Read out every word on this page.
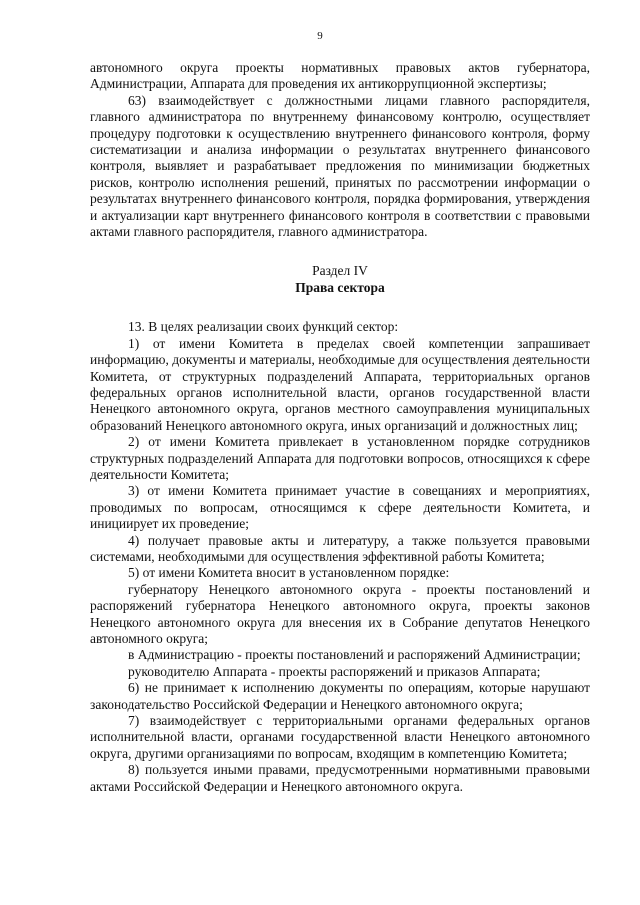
9

автономного округа проекты нормативных правовых актов губернатора, Администрации, Аппарата для проведения их антикоррупционной экспертизы;

63) взаимодействует с должностными лицами главного распорядителя, главного администратора по внутреннему финансовому контролю, осуществляет процедуру подготовки к осуществлению внутреннего финансового контроля, форму систематизации и анализа информации о результатах внутреннего финансового контроля, выявляет и разрабатывает предложения по минимизации бюджетных рисков, контролю исполнения решений, принятых по рассмотрении информации о результатах внутреннего финансового контроля, порядка формирования, утверждения и актуализации карт внутреннего финансового контроля в соответствии с правовыми актами главного распорядителя, главного администратора.

Раздел IV

Права сектора

13. В целях реализации своих функций сектор:

1) от имени Комитета в пределах своей компетенции запрашивает информацию, документы и материалы, необходимые для осуществления деятельности Комитета, от структурных подразделений Аппарата, территориальных органов федеральных органов исполнительной власти, органов государственной власти Ненецкого автономного округа, органов местного самоуправления муниципальных образований Ненецкого автономного округа, иных организаций и должностных лиц;

2) от имени Комитета привлекает в установленном порядке сотрудников структурных подразделений Аппарата для подготовки вопросов, относящихся к сфере деятельности Комитета;

3) от имени Комитета принимает участие в совещаниях и мероприятиях, проводимых по вопросам, относящимся к сфере деятельности Комитета, и инициирует их проведение;

4) получает правовые акты и литературу, а также пользуется правовыми системами, необходимыми для осуществления эффективной работы Комитета;

5) от имени Комитета вносит в установленном порядке:

губернатору Ненецкого автономного округа - проекты постановлений и распоряжений губернатора Ненецкого автономного округа, проекты законов Ненецкого автономного округа для внесения их в Собрание депутатов Ненецкого автономного округа;

в Администрацию - проекты постановлений и распоряжений Администрации;

руководителю Аппарата - проекты распоряжений и приказов Аппарата;

6) не принимает к исполнению документы по операциям, которые нарушают законодательство Российской Федерации и Ненецкого автономного округа;

7) взаимодействует с территориальными органами федеральных органов исполнительной власти, органами государственной власти Ненецкого автономного округа, другими организациями по вопросам, входящим в компетенцию Комитета;

8) пользуется иными правами, предусмотренными нормативными правовыми актами Российской Федерации и Ненецкого автономного округа.
